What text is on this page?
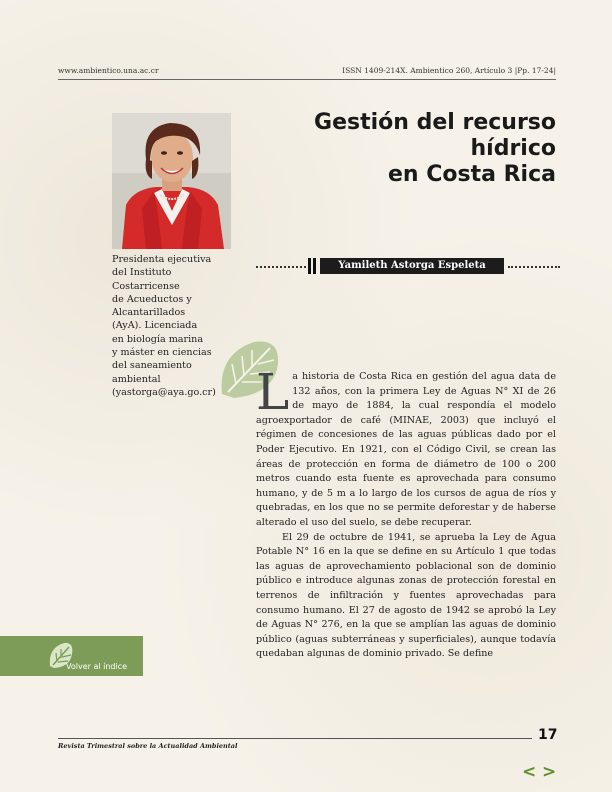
www.ambientico.una.ac.cr	ISSN 1409-214X. Ambientico 260, Artículo 3 |Pp. 17-24|
Gestión del recurso hídrico
en Costa Rica
Yamileth Astorga Espeleta
Presidenta ejecutiva
del Instituto
Costarricense
de Acueductos y
Alcantarillados
(AyA). Licenciada
en biología marina
y máster en ciencias
del saneamiento
ambiental
(yastorga@aya.go.cr) L a historia de Costa Rica en gestión del agua data de 132 años, con la primera Ley de Aguas N° XI de 26 de mayo de 1884, la cual respondía el modelo agroexportador de café (MINAE, 2003) que incluyó el régimen de concesiones de las aguas públicas dado por el Poder Ejecutivo. En 1921, con el Código Civil, se crean las áreas de protección en forma de diámetro de 100 o 200 metros cuando esta fuente es aprovechada para consumo humano, y de 5 m a lo largo de los cursos de agua de ríos y quebradas, en los que no se permite deforestar y de haberse alterado el uso del suelo, se debe recuperar.

El 29 de octubre de 1941, se aprueba la Ley de Agua Potable N° 16 en la que se define en su Artículo 1 que todas las aguas de aprovechamiento poblacional son de dominio público e introduce algunas zonas de protección forestal en terrenos de infiltración y fuentes aprovechadas para consumo humano. El 27 de agosto de 1942 se aprobó la Ley de Aguas N° 276, en la que se amplían las aguas de dominio público (aguas subterráneas y superficiales), aunque todavía quedaban algunas de dominio privado. Se define

Volver al índice
17
Revista Trimestral sobre la Actualidad Ambiental
< >
